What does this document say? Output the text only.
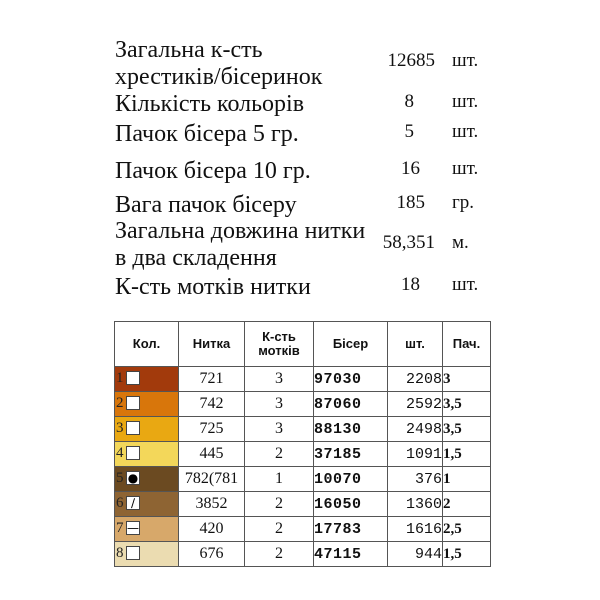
Загальна к-сть
хрестиків/бісеринок
12685 шт.
Кількість кольорів	8 шт.
Пачок бісера 5 гр.	5 шт.
Пачок бісера 10 гр.	16 шт.
Вага пачок бісеру	185 гр.
Загальна довжина нитки
в два складення
58,351 м.
К-сть мотків нитки	18 шт.
Кол.	Нитка	К-сть мотків	Бісер	шт.	Пач.

1	721	3	97030	2208	3

2	742	3	87060	2592	3,5

3	725	3	88130	2498	3,5

4	445	2	37185	1091	1,5

5 ●	782(781	1	10070	376	1

6 ∕	3852	2	16050	1360	2

7 —	420	2	17783	1616	2,5

8	676	2	47115	944	1,5
